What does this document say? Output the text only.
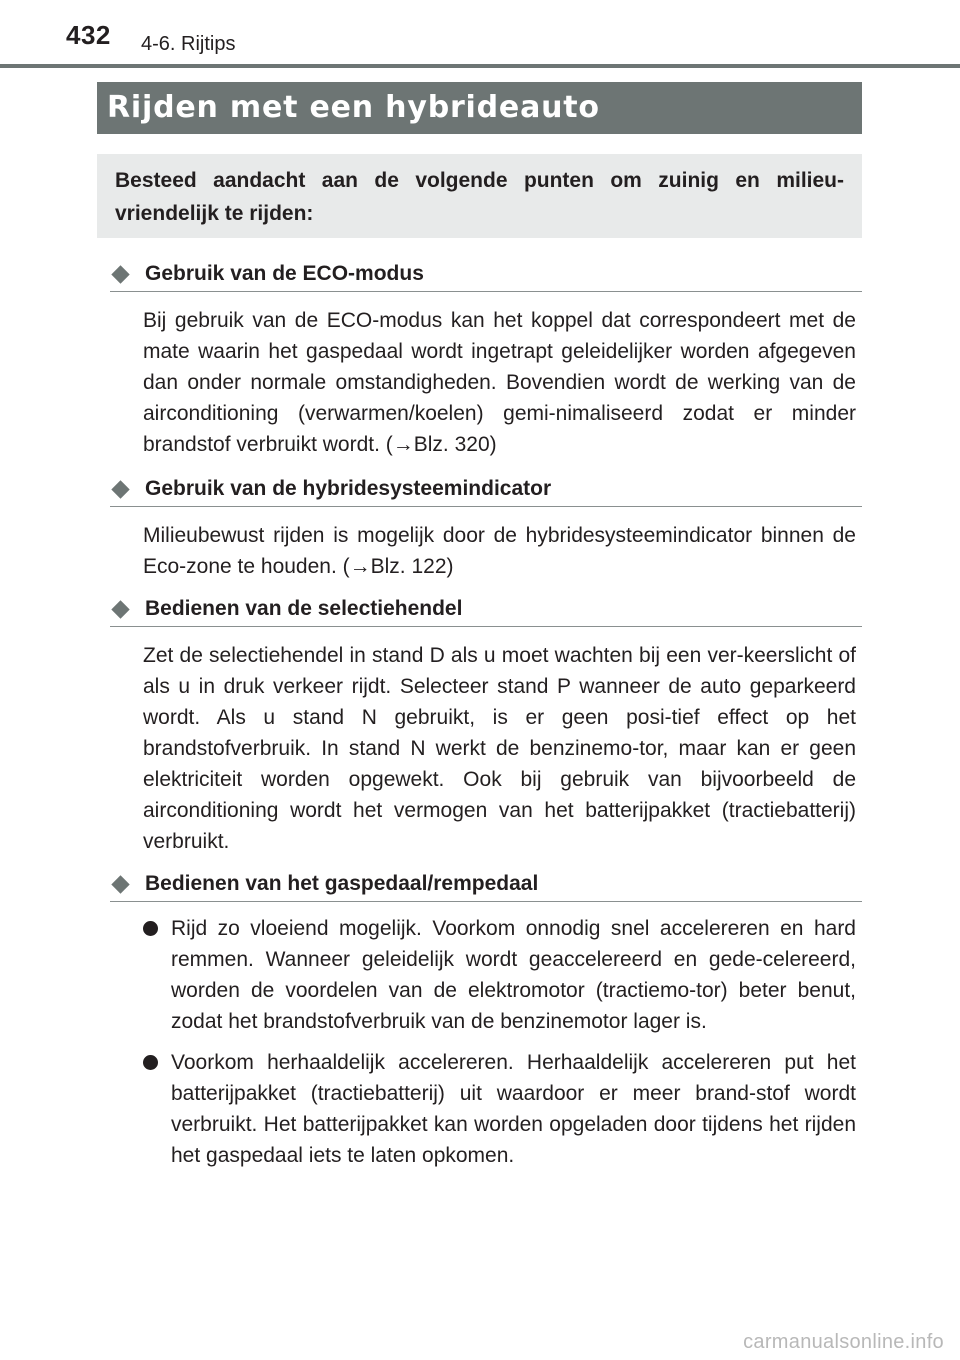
432 4-6. Rijtips
Rijden met een hybrideauto
Besteed aandacht aan de volgende punten om zuinig en milieu-vriendelijk te rijden:
Gebruik van de ECO-modus
Bij gebruik van de ECO-modus kan het koppel dat correspondeert met de mate waarin het gaspedaal wordt ingetrapt geleidelijker worden afgegeven dan onder normale omstandigheden. Bovendien wordt de werking van de airconditioning (verwarmen/koelen) gemi-nimaliseerd zodat er minder brandstof verbruikt wordt. (→Blz. 320)
Gebruik van de hybridesysteemindicator
Milieubewust rijden is mogelijk door de hybridesysteemindicator binnen de Eco-zone te houden. (→Blz. 122)
Bedienen van de selectiehendel
Zet de selectiehendel in stand D als u moet wachten bij een ver-keerslicht of als u in druk verkeer rijdt. Selecteer stand P wanneer de auto geparkeerd wordt. Als u stand N gebruikt, is er geen posi-tief effect op het brandstofverbruik. In stand N werkt de benzinemo-tor, maar kan er geen elektriciteit worden opgewekt. Ook bij gebruik van bijvoorbeeld de airconditioning wordt het vermogen van het batterijpakket (tractiebatterij) verbruikt.
Bedienen van het gaspedaal/rempedaal
Rijd zo vloeiend mogelijk. Voorkom onnodig snel accelereren en hard remmen. Wanneer geleidelijk wordt geaccelereerd en gede-celereerd, worden de voordelen van de elektromotor (tractiemo-tor) beter benut, zodat het brandstofverbruik van de benzinemotor lager is.
Voorkom herhaaldelijk accelereren. Herhaaldelijk accelereren put het batterijpakket (tractiebatterij) uit waardoor er meer brand-stof wordt verbruikt. Het batterijpakket kan worden opgeladen door tijdens het rijden het gaspedaal iets te laten opkomen.
carmanualsonline.info
